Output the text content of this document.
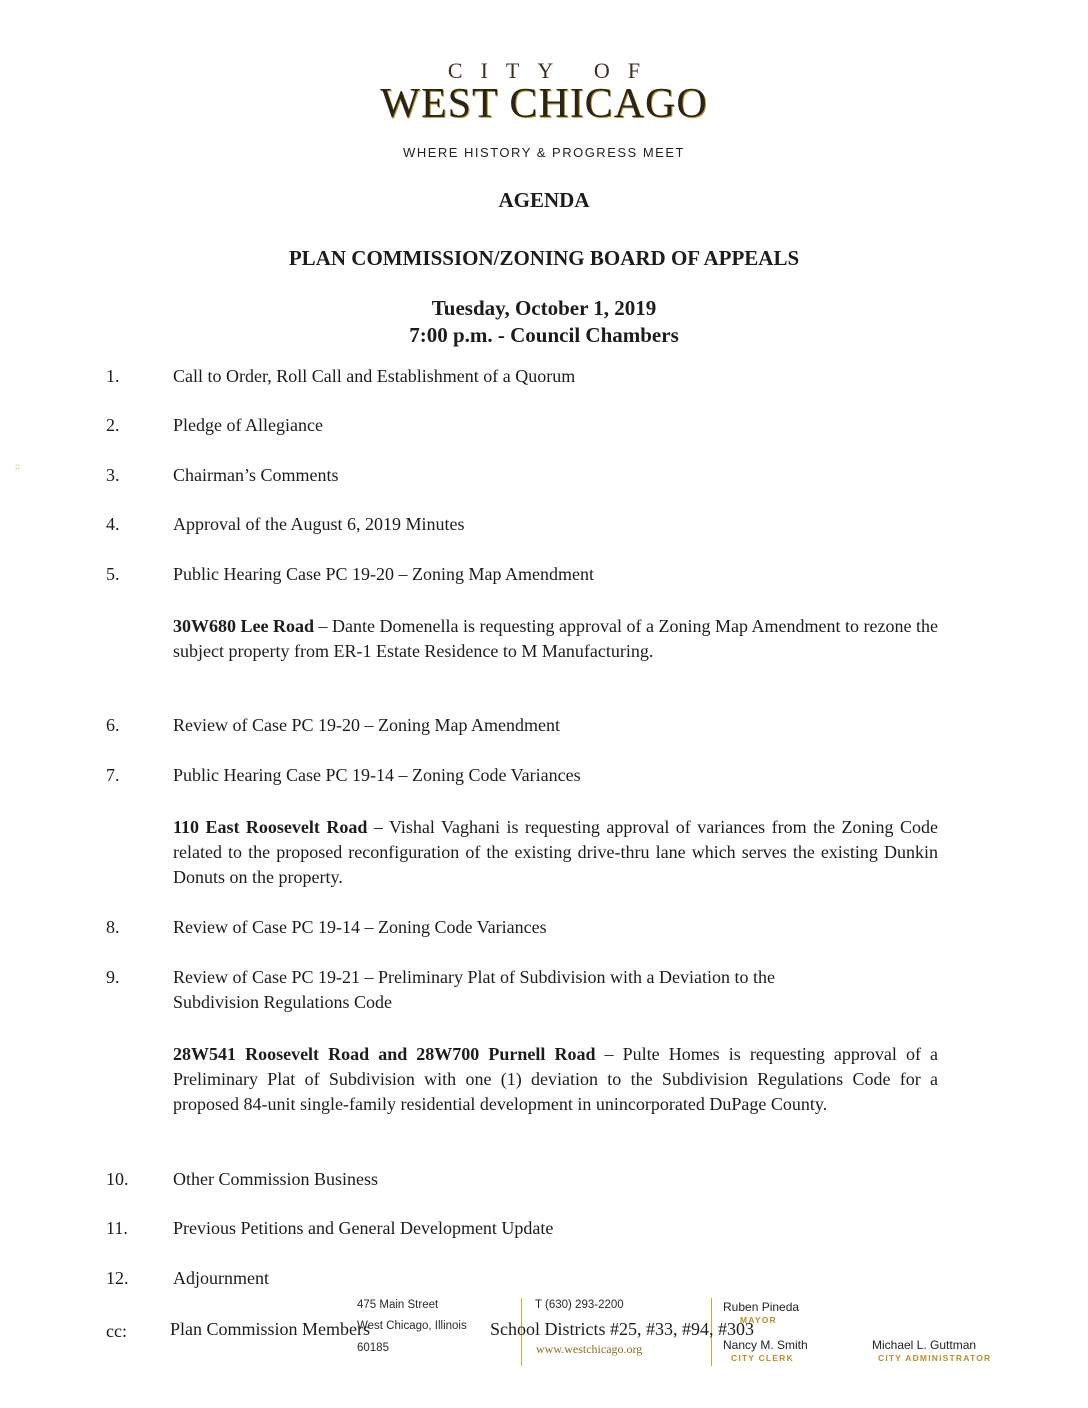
CITY OF
WEST CHICAGO
WHERE HISTORY & PROGRESS MEET
AGENDA
PLAN COMMISSION/ZONING BOARD OF APPEALS
Tuesday, October 1, 2019
7:00 p.m. - Council Chambers
::
1.	Call to Order, Roll Call and Establishment of a Quorum
2.	Pledge of Allegiance
3.	Chairman’s Comments
4.	Approval of the August 6, 2019 Minutes
5.	Public Hearing Case PC 19-20 – Zoning Map Amendment
30W680 Lee Road – Dante Domenella is requesting approval of a Zoning Map Amendment to rezone the subject property from ER-1 Estate Residence to M Manufacturing.
6.	Review of Case PC 19-20 – Zoning Map Amendment
7.	Public Hearing Case PC 19-14 – Zoning Code Variances
110 East Roosevelt Road – Vishal Vaghani is requesting approval of variances from the Zoning Code related to the proposed reconfiguration of the existing drive-thru lane which serves the existing Dunkin Donuts on the property.
8.	Review of Case PC 19-14 – Zoning Code Variances
9.	Review of Case PC 19-21 – Preliminary Plat of Subdivision with a Deviation to the
Subdivision Regulations Code
28W541 Roosevelt Road and 28W700 Purnell Road – Pulte Homes is requesting approval of a Preliminary Plat of Subdivision with one (1) deviation to the Subdivision Regulations Code for a proposed 84-unit single-family residential development in unincorporated DuPage County.
10.	Other Commission Business
11.	Previous Petitions and General Development Update
12.	Adjournment
475 Main Street
West Chicago, Illinois
60185
T (630) 293-2200
www.westchicago.org
Ruben Pineda
MAYOR
Nancy M. Smith
CITY CLERK
Michael L. Guttman
CITY ADMINISTRATOR
cc: Plan Commission Members	School Districts #25, #33, #94, #303
